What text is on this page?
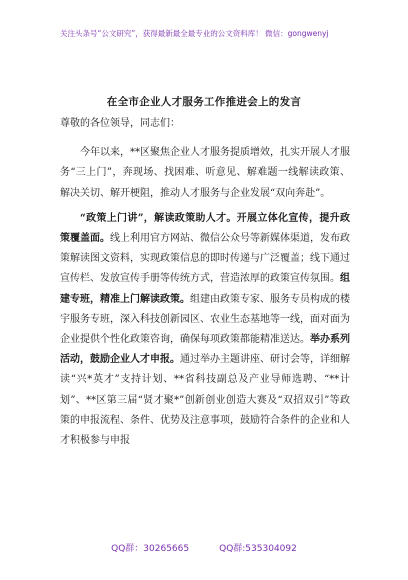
关注头条号“公文研究”，获得最新最全最专业的公文资料库！ 微信：gongwenyj
在全市企业人才服务工作推进会上的发言

尊敬的各位领导，同志们：

今年以来，**区聚焦企业人才服务提质增效，扎实开展人才服务“三上门”，奔现场、找困难、听意见、解难题一线解读政策、解决关切、解开梗阻，推动人才服务与企业发展“双向奔赴”。

“政策上门讲”，解读政策助人才。开展立体化宣传，提升政策覆盖面。线上利用官方网站、微信公众号等新媒体渠道，发布政策解读图文资料，实现政策信息的即时传递与广泛覆盖；线下通过宣传栏、发放宣传手册等传统方式，营造浓厚的政策宣传氛围。组建专班，精准上门解读政策。组建由政策专家、服务专员构成的楼宇服务专班，深入科技创新园区、农业生态基地等一线，面对面为企业提供个性化政策咨询，确保每项政策都能精准送达。举办系列活动，鼓励企业人才申报。通过举办主题讲座、研讨会等，详细解读“兴*英才”支持计划、**省科技副总及产业导师选聘、“**计划”、**区第三届“贤才聚*”创新创业创造大赛及“双招双引”等政策的申报流程、条件、优势及注意事项，鼓励符合条件的企业和人才积极参与申报

QQ群：30265665	QQ群:535304092
